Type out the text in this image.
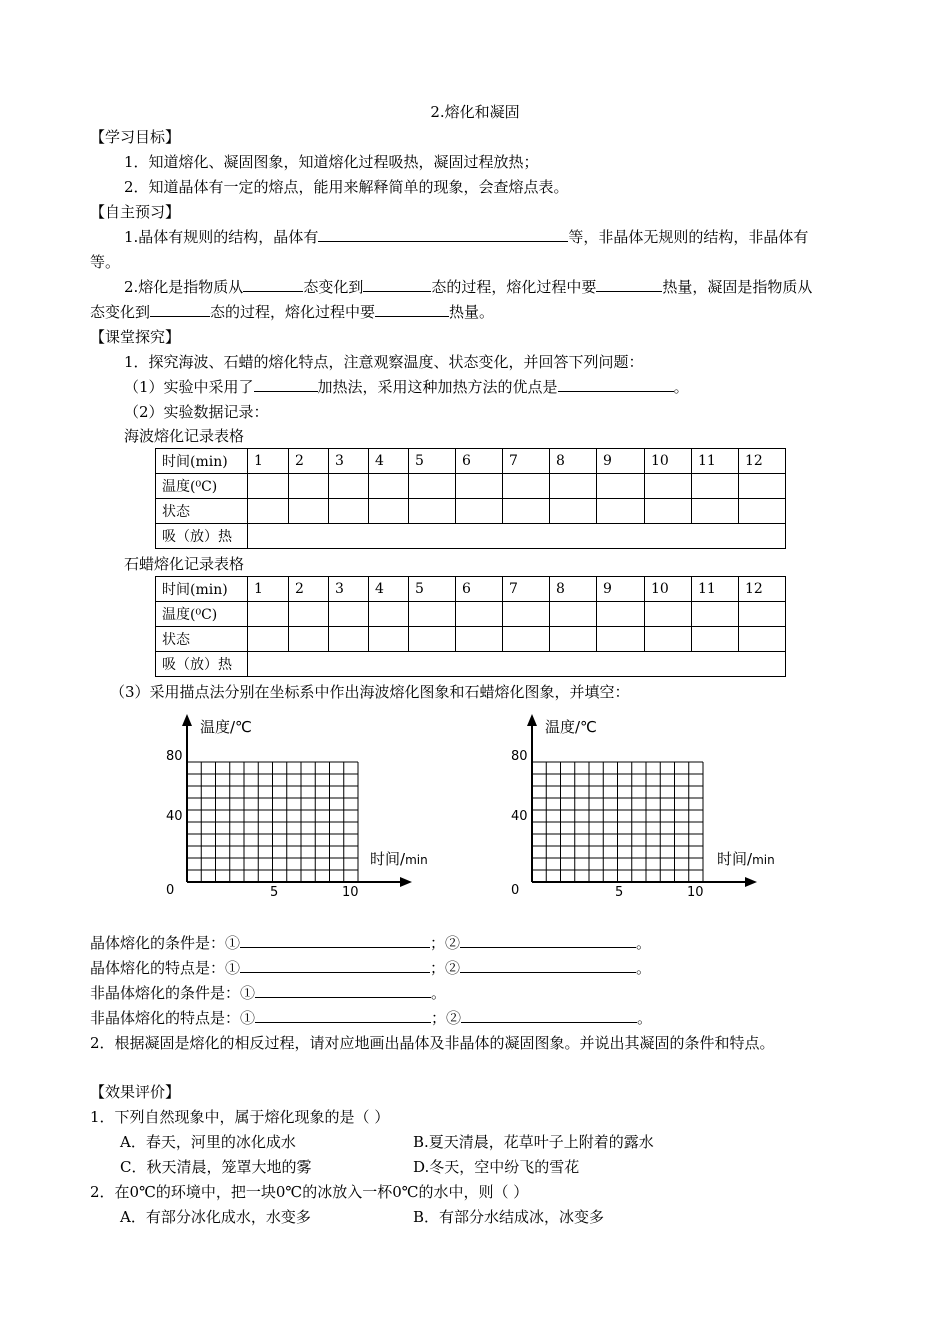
2.熔化和凝固
【学习目标】
1．知道熔化、凝固图象，知道熔化过程吸热，凝固过程放热；
2．知道晶体有一定的熔点，能用来解释简单的现象，会查熔点表。
【自主预习】
1.晶体有规则的结构，晶体有	等，非晶体无规则的结构，非晶体有
等。
2.熔化是指物质从	态变化到	态的过程，熔化过程中要	热量，凝固是指物质从
态变化到	态的过程，熔化过程中要	热量。
【课堂探究】
1．探究海波、石蜡的熔化特点，注意观察温度、状态变化，并回答下列问题：
（1）实验中采用了	加热法，采用这种加热方法的优点是	。
（2）实验数据记录：
海波熔化记录表格
时间(min)	1	2	3	4	5	6	7	8	9	10	11	12
温度(⁰C)												
状态												
吸（放）热												
石蜡熔化记录表格
时间(min)	1	2	3	4	5	6	7	8	9	10	11	12
温度(⁰C)												
状态												
吸（放）热												
（3）采用描点法分别在坐标系中作出海波熔化图象和石蜡熔化图象，并填空：
温度/℃
时间/min
80
40
0	5	10
温度/℃
时间/min
80
40
0	5	10
晶体熔化的条件是：①	；②	。
晶体熔化的特点是：①	；②	。
非晶体熔化的条件是：①	。
非晶体熔化的特点是：①	；②	。
2．根据凝固是熔化的相反过程，请对应地画出晶体及非晶体的凝固图象。并说出其凝固的条件和特点。
【效果评价】
1．下列自然现象中，属于熔化现象的是（ ）
A．春天，河里的冰化成水	B.夏天清晨，花草叶子上附着的露水
C．秋天清晨，笼罩大地的雾	D.冬天，空中纷飞的雪花
2．在0℃的环境中，把一块0℃的冰放入一杯0℃的水中，则（ ）
A．有部分冰化成水，水变多	B．有部分水结成冰，冰变多
